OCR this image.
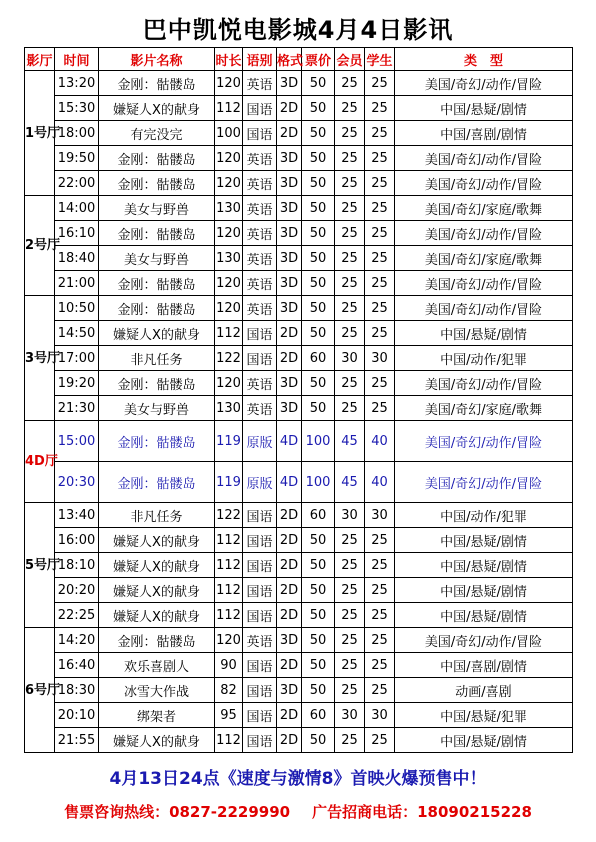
巴中凯悦电影城4月4日影讯
影厅	时间	影片名称	时长	语别	格式	票价	会员	学生	类　型
1号厅	13:20	金刚：骷髅岛	120	英语	3D	50	25	25	美国/奇幻/动作/冒险
	15:30	嫌疑人X的献身	112	国语	2D	50	25	25	中国/悬疑/剧情
	18:00	有完没完	100	国语	2D	50	25	25	中国/喜剧/剧情
	19:50	金刚：骷髅岛	120	英语	3D	50	25	25	美国/奇幻/动作/冒险
	22:00	金刚：骷髅岛	120	英语	3D	50	25	25	美国/奇幻/动作/冒险
2号厅	14:00	美女与野兽	130	英语	3D	50	25	25	美国/奇幻/家庭/歌舞
	16:10	金刚：骷髅岛	120	英语	3D	50	25	25	美国/奇幻/动作/冒险
	18:40	美女与野兽	130	英语	3D	50	25	25	美国/奇幻/家庭/歌舞
	21:00	金刚：骷髅岛	120	英语	3D	50	25	25	美国/奇幻/动作/冒险
3号厅	10:50	金刚：骷髅岛	120	英语	3D	50	25	25	美国/奇幻/动作/冒险
	14:50	嫌疑人X的献身	112	国语	2D	50	25	25	中国/悬疑/剧情
	17:00	非凡任务	122	国语	2D	60	30	30	中国/动作/犯罪
	19:20	金刚：骷髅岛	120	英语	3D	50	25	25	美国/奇幻/动作/冒险
	21:30	美女与野兽	130	英语	3D	50	25	25	美国/奇幻/家庭/歌舞
4D厅	15:00	金刚：骷髅岛	119	原版	4D	100	45	40	美国/奇幻/动作/冒险
	20:30	金刚：骷髅岛	119	原版	4D	100	45	40	美国/奇幻/动作/冒险
5号厅	13:40	非凡任务	122	国语	2D	60	30	30	中国/动作/犯罪
	16:00	嫌疑人X的献身	112	国语	2D	50	25	25	中国/悬疑/剧情
	18:10	嫌疑人X的献身	112	国语	2D	50	25	25	中国/悬疑/剧情
	20:20	嫌疑人X的献身	112	国语	2D	50	25	25	中国/悬疑/剧情
	22:25	嫌疑人X的献身	112	国语	2D	50	25	25	中国/悬疑/剧情
6号厅	14:20	金刚：骷髅岛	120	英语	3D	50	25	25	美国/奇幻/动作/冒险
	16:40	欢乐喜剧人	90	国语	2D	50	25	25	中国/喜剧/剧情
	18:30	冰雪大作战	82	国语	3D	50	25	25	动画/喜剧
	20:10	绑架者	95	国语	2D	60	30	30	中国/悬疑/犯罪
	21:55	嫌疑人X的献身	112	国语	2D	50	25	25	中国/悬疑/剧情
4月13日24点《速度与激情8》首映火爆预售中！
售票咨询热线：0827-2229990 广告招商电话：18090215228
